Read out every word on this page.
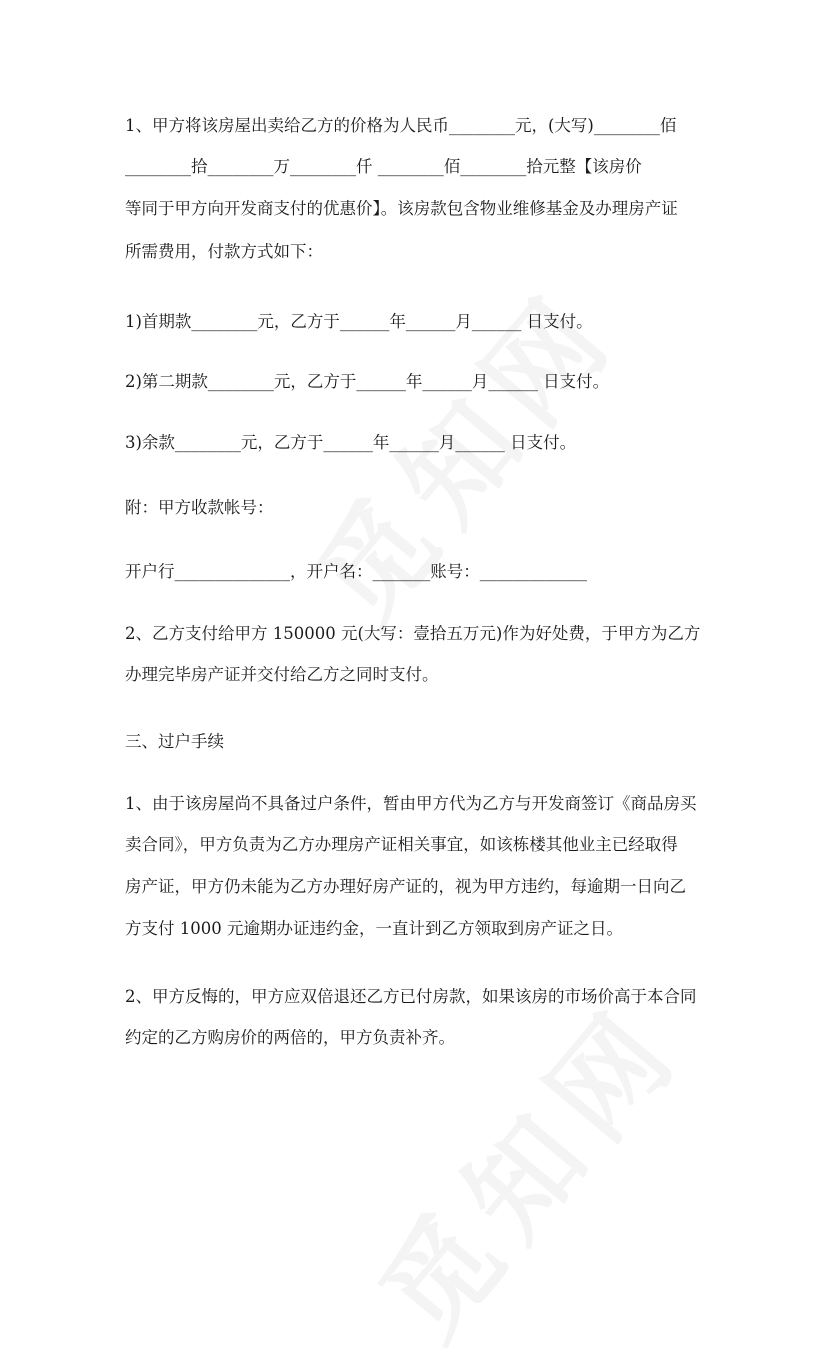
1、甲方将该房屋出卖给乙方的价格为人民币________元，(大写)________佰
________拾________万________仟 ________佰________拾元整【该房价
等同于甲方向开发商支付的优惠价】。该房款包含物业维修基金及办理房产证
所需费用，付款方式如下：
1)首期款________元，乙方于______年______月______ 日支付。
2)第二期款________元，乙方于______年______月______ 日支付。
3)余款________元，乙方于______年______月______ 日支付。
附：甲方收款帐号：
开户行______________，开户名：_______账号：_____________
2、乙方支付给甲方 150000 元(大写：壹拾五万元)作为好处费，于甲方为乙方
办理完毕房产证并交付给乙方之同时支付。
三、过户手续
1、由于该房屋尚不具备过户条件，暂由甲方代为乙方与开发商签订《商品房买
卖合同》，甲方负责为乙方办理房产证相关事宜，如该栋楼其他业主已经取得
房产证，甲方仍未能为乙方办理好房产证的，视为甲方违约，每逾期一日向乙
方支付 1000 元逾期办证违约金，一直计到乙方领取到房产证之日。
2、甲方反悔的，甲方应双倍退还乙方已付房款，如果该房的市场价高于本合同
约定的乙方购房价的两倍的，甲方负责补齐。
